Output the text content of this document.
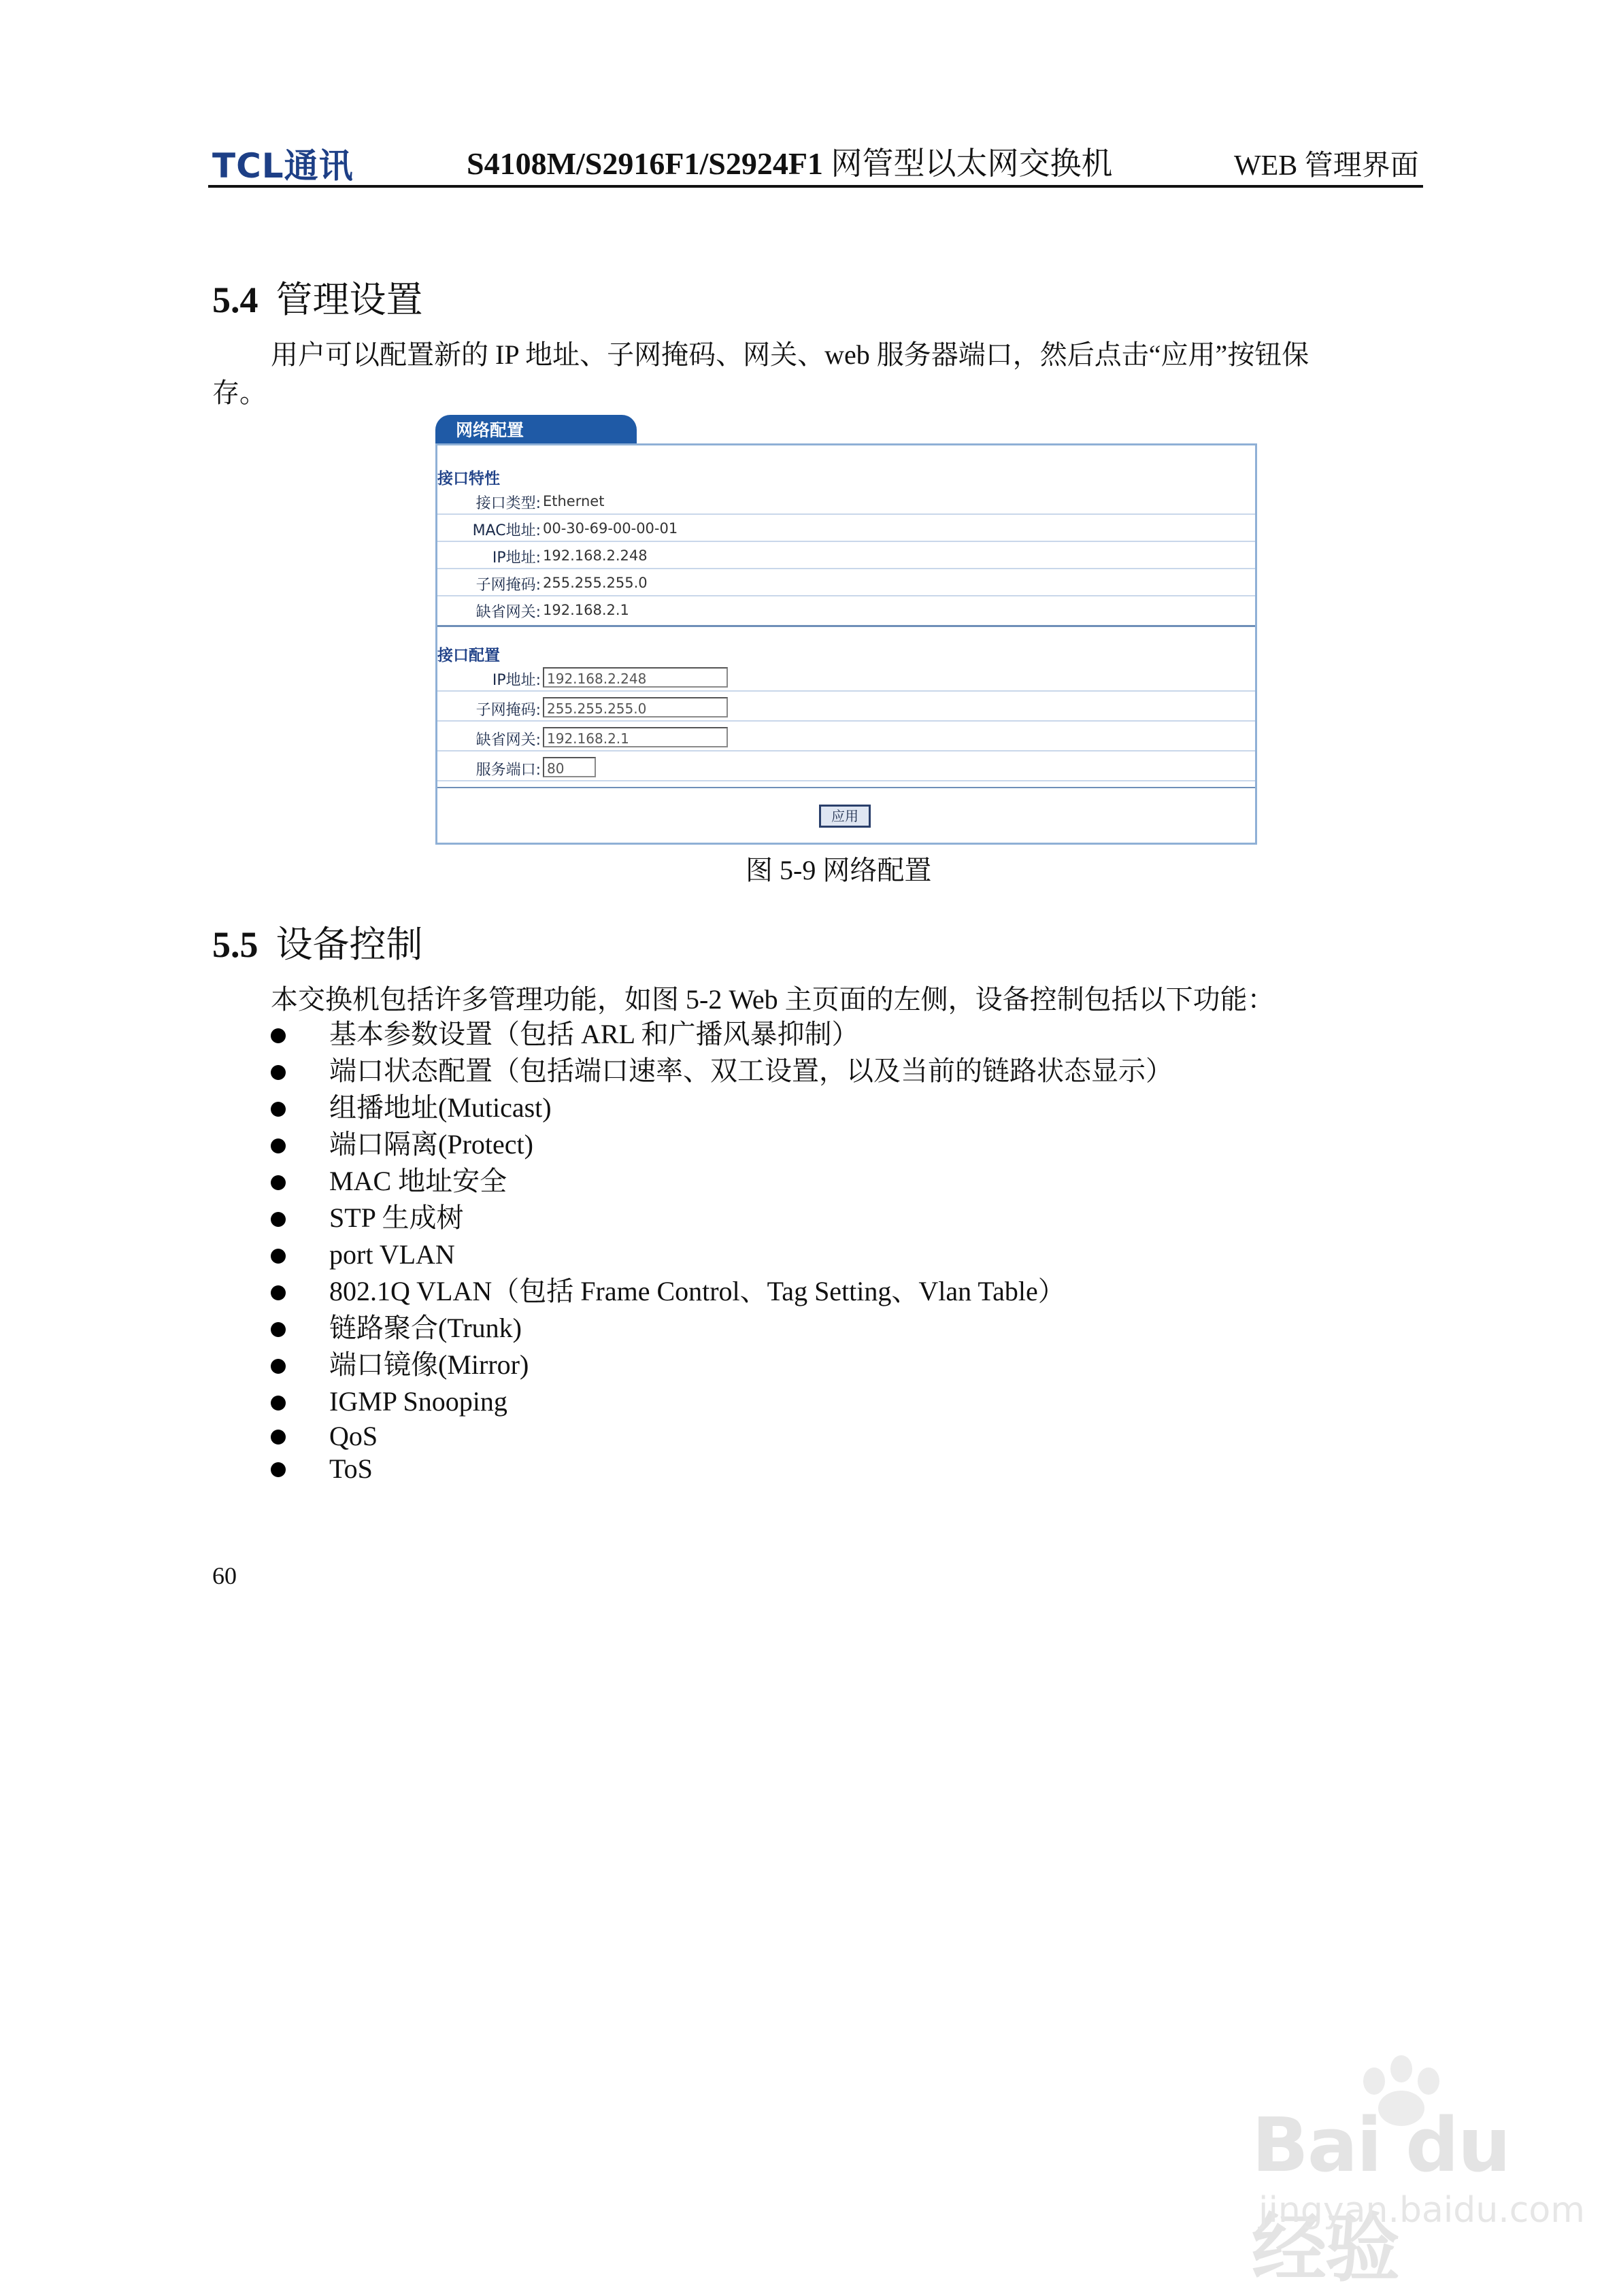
TCL通讯	S4108M/S2916F1/S2924F1 网管型以太网交换机	WEB 管理界面
5.4 管理设置
用户可以配置新的 IP 地址、子网掩码、网关、web 服务器端口，然后点击“应用”按钮保
存。
网络配置
接口特性
接口类型: Ethernet
MAC地址: 00-30-69-00-00-01
IP地址: 192.168.2.248
子网掩码: 255.255.255.0
缺省网关: 192.168.2.1
接口配置
IP地址: 192.168.2.248
子网掩码: 255.255.255.0
缺省网关: 192.168.2.1
服务端口: 80
应用
图 5-9 网络配置
5.5 设备控制
本交换机包括许多管理功能，如图 5-2 Web 主页面的左侧，设备控制包括以下功能：
基本参数设置（包括 ARL 和广播风暴抑制）
端口状态配置（包括端口速率、双工设置，以及当前的链路状态显示）
组播地址(Muticast)
端口隔离(Protect)
MAC 地址安全
STP 生成树
port VLAN
802.1Q VLAN（包括 Frame Control、Tag Setting、Vlan Table）
链路聚合(Trunk)
端口镜像(Mirror)
IGMP Snooping
QoS
ToS
60
Bai du 经验
jingyan.baidu.com
